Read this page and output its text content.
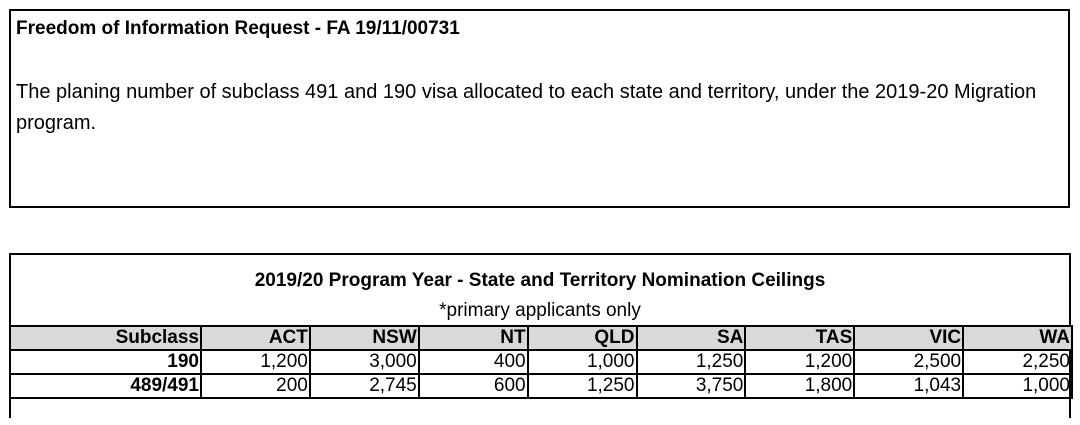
Freedom of Information Request - FA 19/11/00731
The planing number of subclass 491 and 190 visa allocated to each state and territory, under the 2019-20 Migration program.
2019/20 Program Year - State and Territory Nomination Ceilings
*primary applicants only
Subclass	ACT	NSW	NT	QLD	SA	TAS	VIC	WA
190	1,200	3,000	400	1,000	1,250	1,200	2,500	2,250
489/491	200	2,745	600	1,250	3,750	1,800	1,043	1,000
